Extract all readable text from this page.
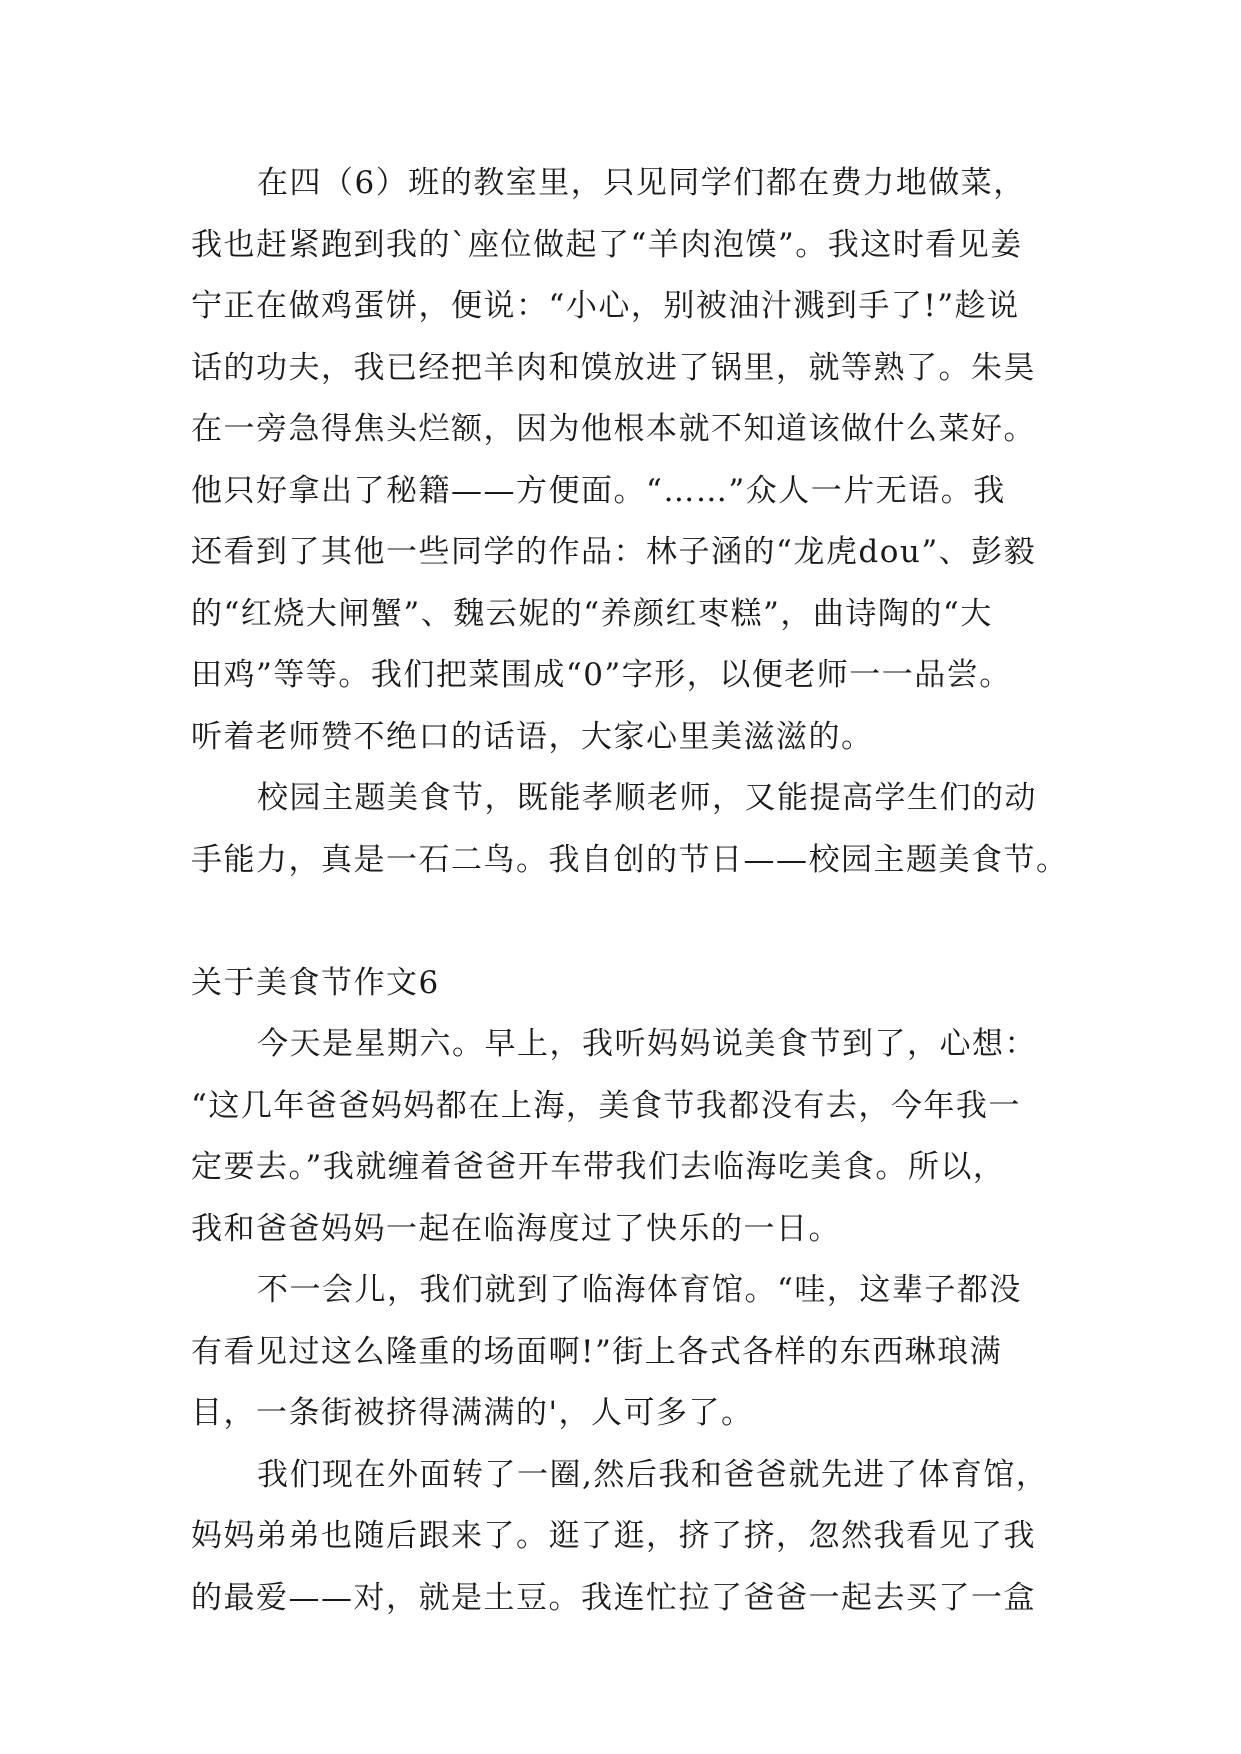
在四（6）班的教室里，只见同学们都在费力地做菜，
我也赶紧跑到我的`座位做起了“羊肉泡馍”。我这时看见姜
宁正在做鸡蛋饼，便说：“小心，别被油汁溅到手了!”趁说
话的功夫，我已经把羊肉和馍放进了锅里，就等熟了。朱昊
在一旁急得焦头烂额，因为他根本就不知道该做什么菜好。
他只好拿出了秘籍——方便面。“……”众人一片无语。我
还看到了其他一些同学的作品：林子涵的“龙虎dou”、彭毅
的“红烧大闸蟹”、魏云妮的“养颜红枣糕”，曲诗陶的“大
田鸡”等等。我们把菜围成“0”字形，以便老师一一品尝。
听着老师赞不绝口的话语，大家心里美滋滋的。
校园主题美食节，既能孝顺老师，又能提高学生们的动
手能力，真是一石二鸟。我自创的节日——校园主题美食节。
关于美食节作文6
今天是星期六。早上，我听妈妈说美食节到了，心想：
“这几年爸爸妈妈都在上海，美食节我都没有去，今年我一
定要去。”我就缠着爸爸开车带我们去临海吃美食。所以，
我和爸爸妈妈一起在临海度过了快乐的一日。
不一会儿，我们就到了临海体育馆。“哇，这辈子都没
有看见过这么隆重的场面啊!”街上各式各样的东西琳琅满
目，一条街被挤得满满的'，人可多了。
我们现在外面转了一圈,然后我和爸爸就先进了体育馆，
妈妈弟弟也随后跟来了。逛了逛，挤了挤，忽然我看见了我
的最爱——对，就是土豆。我连忙拉了爸爸一起去买了一盒
